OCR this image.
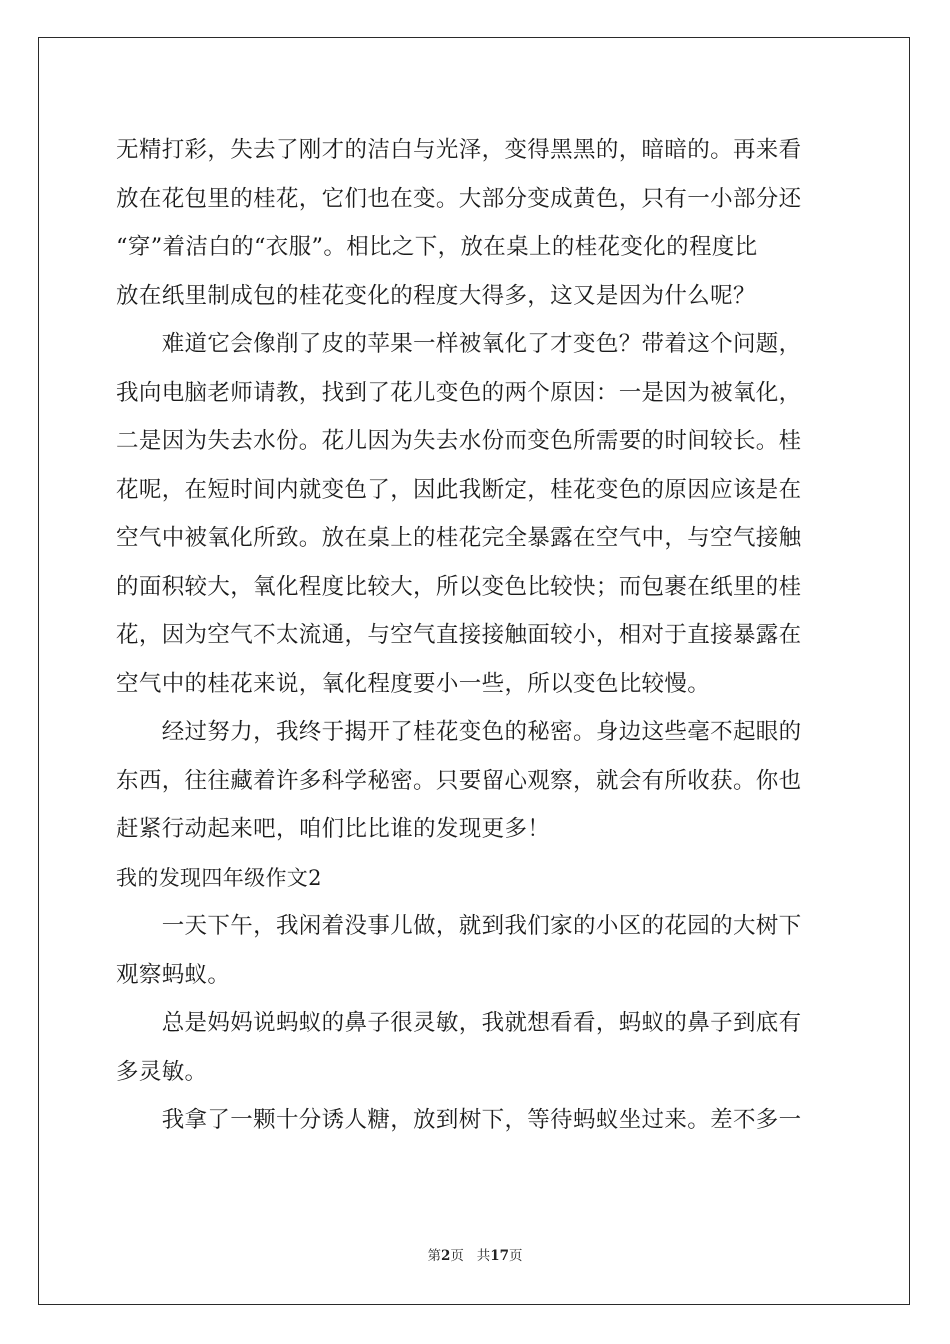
无精打彩，失去了刚才的洁白与光泽，变得黑黑的，暗暗的。再来看
放在花包里的桂花，它们也在变。大部分变成黄色，只有一小部分还
“穿”着洁白的“衣服”。相比之下，放在桌上的桂花变化的程度比
放在纸里制成包的桂花变化的程度大得多，这又是因为什么呢？
　　难道它会像削了皮的苹果一样被氧化了才变色？带着这个问题，
我向电脑老师请教，找到了花儿变色的两个原因：一是因为被氧化，
二是因为失去水份。花儿因为失去水份而变色所需要的时间较长。桂
花呢，在短时间内就变色了，因此我断定，桂花变色的原因应该是在
空气中被氧化所致。放在桌上的桂花完全暴露在空气中，与空气接触
的面积较大，氧化程度比较大，所以变色比较快；而包裹在纸里的桂
花，因为空气不太流通，与空气直接接触面较小，相对于直接暴露在
空气中的桂花来说，氧化程度要小一些，所以变色比较慢。
　　经过努力，我终于揭开了桂花变色的秘密。身边这些毫不起眼的
东西，往往藏着许多科学秘密。只要留心观察，就会有所收获。你也
赶紧行动起来吧，咱们比比谁的发现更多！
我的发现四年级作文2
　　一天下午，我闲着没事儿做，就到我们家的小区的花园的大树下
观察蚂蚁。
　　总是妈妈说蚂蚁的鼻子很灵敏，我就想看看，蚂蚁的鼻子到底有
多灵敏。
　　我拿了一颗十分诱人糖，放到树下，等待蚂蚁坐过来。差不多一
第2页 共17页
